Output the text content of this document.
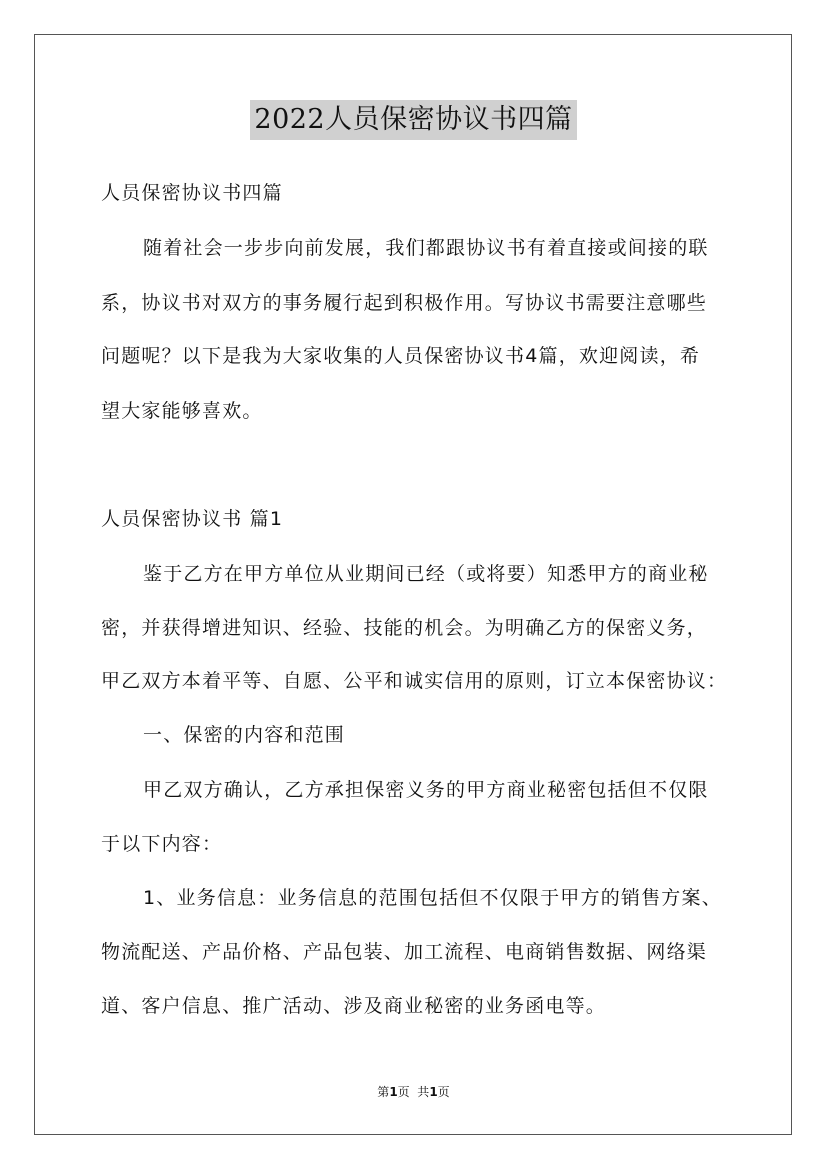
2022人员保密协议书四篇
人员保密协议书四篇
随着社会一步步向前发展，我们都跟协议书有着直接或间接的联
系，协议书对双方的事务履行起到积极作用。写协议书需要注意哪些
问题呢？以下是我为大家收集的人员保密协议书4篇，欢迎阅读，希
望大家能够喜欢。
人员保密协议书 篇1
鉴于乙方在甲方单位从业期间已经（或将要）知悉甲方的商业秘
密，并获得增进知识、经验、技能的机会。为明确乙方的保密义务，
甲乙双方本着平等、自愿、公平和诚实信用的原则，订立本保密协议：
一、保密的内容和范围
甲乙双方确认，乙方承担保密义务的甲方商业秘密包括但不仅限
于以下内容：
1、业务信息：业务信息的范围包括但不仅限于甲方的销售方案、
物流配送、产品价格、产品包装、加工流程、电商销售数据、网络渠
道、客户信息、推广活动、涉及商业秘密的业务函电等。
第1页  共1页
